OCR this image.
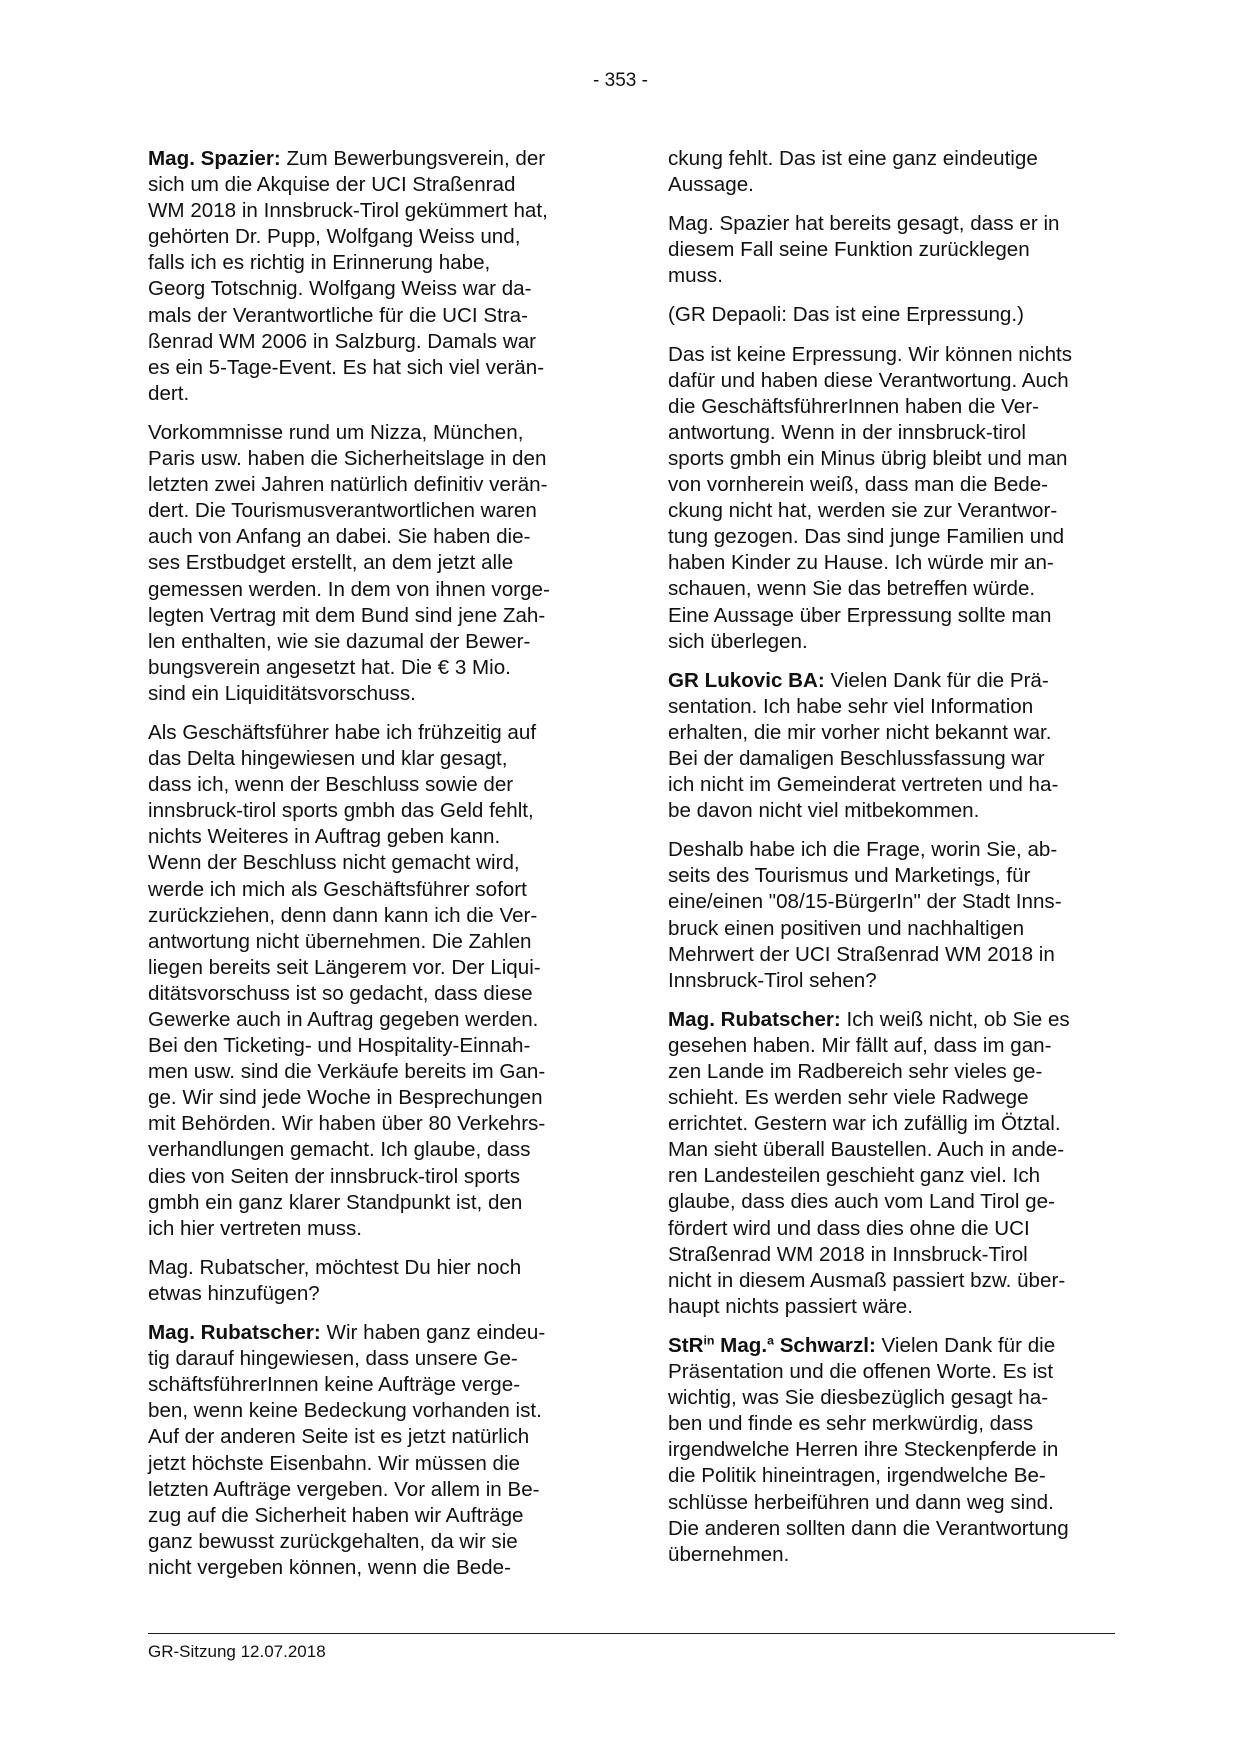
- 353 -

Mag. Spazier: Zum Bewerbungsverein, der
sich um die Akquise der UCI Straßenrad
WM 2018 in Innsbruck-Tirol gekümmert hat,
gehörten Dr. Pupp, Wolfgang Weiss und,
falls ich es richtig in Erinnerung habe,
Georg Totschnig. Wolfgang Weiss war da-
mals der Verantwortliche für die UCI Stra-
ßenrad WM 2006 in Salzburg. Damals war
es ein 5-Tage-Event. Es hat sich viel verän-
dert.

Vorkommnisse rund um Nizza, München,
Paris usw. haben die Sicherheitslage in den
letzten zwei Jahren natürlich definitiv verän-
dert. Die Tourismusverantwortlichen waren
auch von Anfang an dabei. Sie haben die-
ses Erstbudget erstellt, an dem jetzt alle
gemessen werden. In dem von ihnen vorge-
legten Vertrag mit dem Bund sind jene Zah-
len enthalten, wie sie dazumal der Bewer-
bungsverein angesetzt hat. Die € 3 Mio.
sind ein Liquiditätsvorschuss.

Als Geschäftsführer habe ich frühzeitig auf
das Delta hingewiesen und klar gesagt,
dass ich, wenn der Beschluss sowie der
innsbruck-tirol sports gmbh das Geld fehlt,
nichts Weiteres in Auftrag geben kann.
Wenn der Beschluss nicht gemacht wird,
werde ich mich als Geschäftsführer sofort
zurückziehen, denn dann kann ich die Ver-
antwortung nicht übernehmen. Die Zahlen
liegen bereits seit Längerem vor. Der Liqui-
ditätsvorschuss ist so gedacht, dass diese
Gewerke auch in Auftrag gegeben werden.
Bei den Ticketing- und Hospitality-Einnah-
men usw. sind die Verkäufe bereits im Gan-
ge. Wir sind jede Woche in Besprechungen
mit Behörden. Wir haben über 80 Verkehrs-
verhandlungen gemacht. Ich glaube, dass
dies von Seiten der innsbruck-tirol sports
gmbh ein ganz klarer Standpunkt ist, den
ich hier vertreten muss.

Mag. Rubatscher, möchtest Du hier noch
etwas hinzufügen?

Mag. Rubatscher: Wir haben ganz eindeu-
tig darauf hingewiesen, dass unsere Ge-
schäftsführerInnen keine Aufträge verge-
ben, wenn keine Bedeckung vorhanden ist.
Auf der anderen Seite ist es jetzt natürlich
jetzt höchste Eisenbahn. Wir müssen die
letzten Aufträge vergeben. Vor allem in Be-
zug auf die Sicherheit haben wir Aufträge
ganz bewusst zurückgehalten, da wir sie
nicht vergeben können, wenn die Bede-

ckung fehlt. Das ist eine ganz eindeutige
Aussage.

Mag. Spazier hat bereits gesagt, dass er in
diesem Fall seine Funktion zurücklegen
muss.

(GR Depaoli: Das ist eine Erpressung.)

Das ist keine Erpressung. Wir können nichts
dafür und haben diese Verantwortung. Auch
die GeschäftsführerInnen haben die Ver-
antwortung. Wenn in der innsbruck-tirol
sports gmbh ein Minus übrig bleibt und man
von vornherein weiß, dass man die Bede-
ckung nicht hat, werden sie zur Verantwor-
tung gezogen. Das sind junge Familien und
haben Kinder zu Hause. Ich würde mir an-
schauen, wenn Sie das betreffen würde.
Eine Aussage über Erpressung sollte man
sich überlegen.

GR Lukovic BA: Vielen Dank für die Prä-
sentation. Ich habe sehr viel Information
erhalten, die mir vorher nicht bekannt war.
Bei der damaligen Beschlussfassung war
ich nicht im Gemeinderat vertreten und ha-
be davon nicht viel mitbekommen.

Deshalb habe ich die Frage, worin Sie, ab-
seits des Tourismus und Marketings, für
eine/einen "08/15-BürgerIn" der Stadt Inns-
bruck einen positiven und nachhaltigen
Mehrwert der UCI Straßenrad WM 2018 in
Innsbruck-Tirol sehen?

Mag. Rubatscher: Ich weiß nicht, ob Sie es
gesehen haben. Mir fällt auf, dass im gan-
zen Lande im Radbereich sehr vieles ge-
schieht. Es werden sehr viele Radwege
errichtet. Gestern war ich zufällig im Ötztal.
Man sieht überall Baustellen. Auch in ande-
ren Landesteilen geschieht ganz viel. Ich
glaube, dass dies auch vom Land Tirol ge-
fördert wird und dass dies ohne die UCI
Straßenrad WM 2018 in Innsbruck-Tirol
nicht in diesem Ausmaß passiert bzw. über-
haupt nichts passiert wäre.

StR$^{in}$ Mag.$^a$ Schwarzl: Vielen Dank für die
Präsentation und die offenen Worte. Es ist
wichtig, was Sie diesbezüglich gesagt ha-
ben und finde es sehr merkwürdig, dass
irgendwelche Herren ihre Steckenpferde in
die Politik hineintragen, irgendwelche Be-
schlüsse herbeiführen und dann weg sind.
Die anderen sollten dann die Verantwortung
übernehmen.

GR-Sitzung 12.07.2018
